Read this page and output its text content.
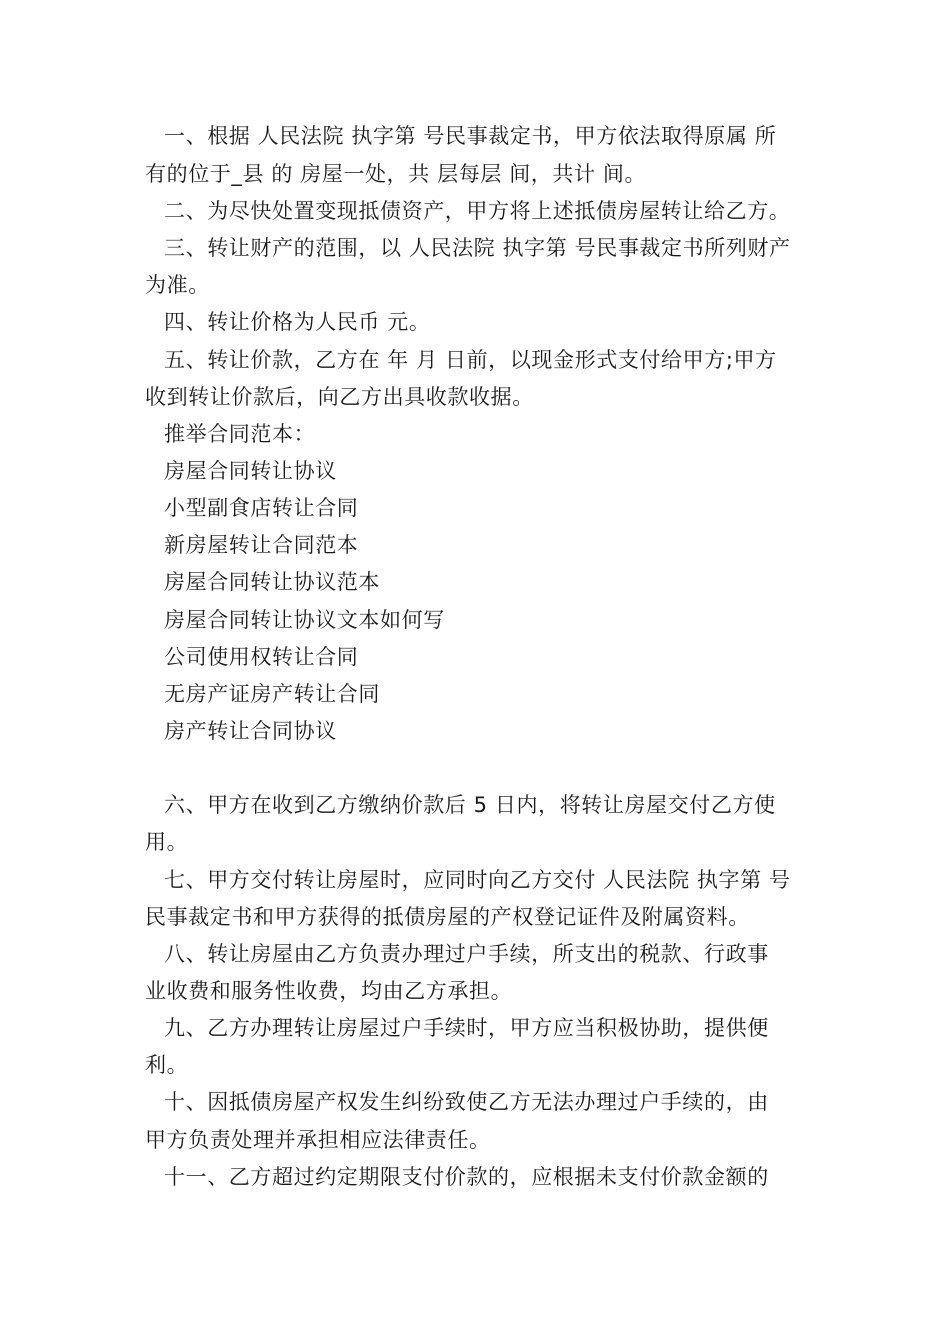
一、根据 人民法院 执字第 号民事裁定书，甲方依法取得原属 所
有的位于_县 的 房屋一处，共 层每层 间，共计 间。
二、为尽快处置变现抵债资产，甲方将上述抵债房屋转让给乙方。
三、转让财产的范围，以 人民法院 执字第 号民事裁定书所列财产
为准。
四、转让价格为人民币 元。
五、转让价款，乙方在 年 月 日前，以现金形式支付给甲方;甲方
收到转让价款后，向乙方出具收款收据。
推举合同范本：
房屋合同转让协议
小型副食店转让合同
新房屋转让合同范本
房屋合同转让协议范本
房屋合同转让协议文本如何写
公司使用权转让合同
无房产证房产转让合同
房产转让合同协议
六、甲方在收到乙方缴纳价款后 5 日内，将转让房屋交付乙方使
用。
七、甲方交付转让房屋时，应同时向乙方交付 人民法院 执字第 号
民事裁定书和甲方获得的抵债房屋的产权登记证件及附属资料。
八、转让房屋由乙方负责办理过户手续，所支出的税款、行政事
业收费和服务性收费，均由乙方承担。
九、乙方办理转让房屋过户手续时，甲方应当积极协助，提供便
利。
十、因抵债房屋产权发生纠纷致使乙方无法办理过户手续的，由
甲方负责处理并承担相应法律责任。
十一、乙方超过约定期限支付价款的，应根据未支付价款金额的
